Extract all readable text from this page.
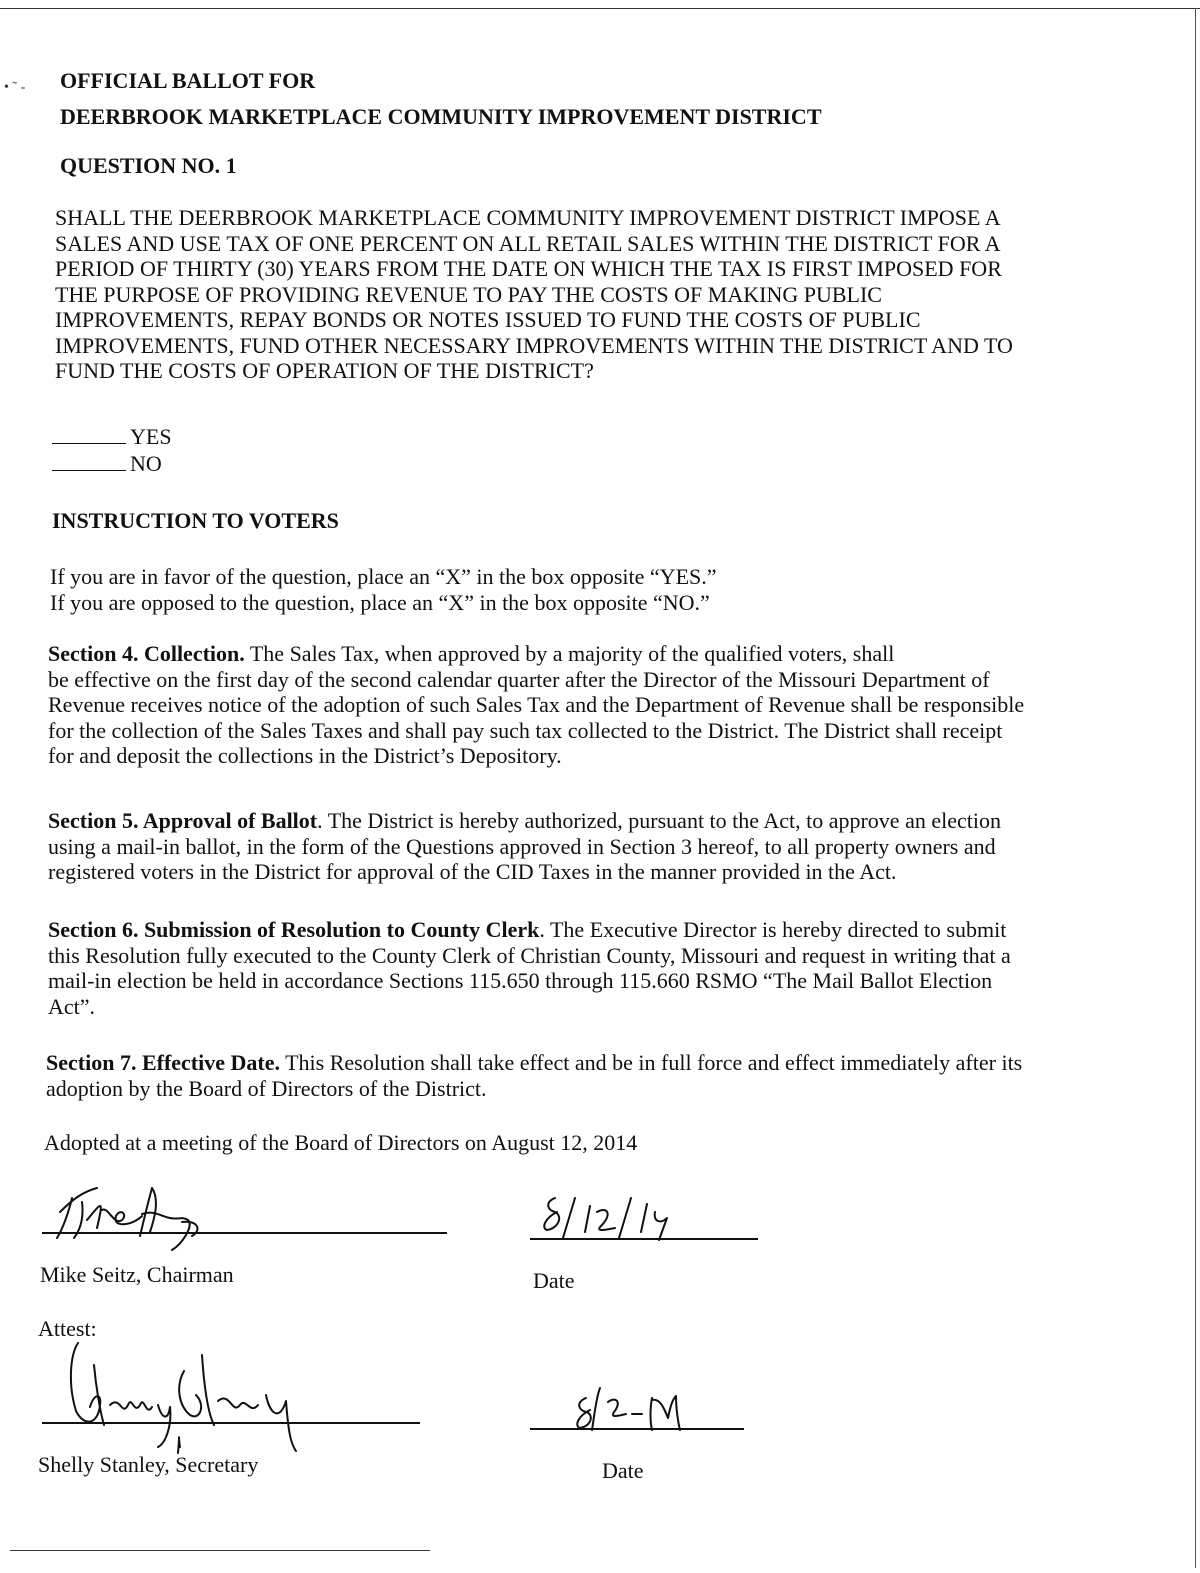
• ˜ - OFFICIAL BALLOT FOR
DEERBROOK MARKETPLACE COMMUNITY IMPROVEMENT DISTRICT
QUESTION NO. 1

SHALL THE DEERBROOK MARKETPLACE COMMUNITY IMPROVEMENT DISTRICT IMPOSE A

SALES AND USE TAX OF ONE PERCENT ON ALL RETAIL SALES WITHIN THE DISTRICT FOR A

PERIOD OF THIRTY (30) YEARS FROM THE DATE ON WHICH THE TAX IS FIRST IMPOSED FOR

THE PURPOSE OF PROVIDING REVENUE TO PAY THE COSTS OF MAKING PUBLIC

IMPROVEMENTS, REPAY BONDS OR NOTES ISSUED TO FUND THE COSTS OF PUBLIC

IMPROVEMENTS, FUND OTHER NECESSARY IMPROVEMENTS WITHIN THE DISTRICT AND TO

FUND THE COSTS OF OPERATION OF THE DISTRICT?

YES
NO
INSTRUCTION TO VOTERS
If you are in favor of the question, place an “X” in the box opposite “YES.”
If you are opposed to the question, place an “X” in the box opposite “NO.”

Section 4. Collection. The Sales Tax, when approved by a majority of the qualified voters, shall

be effective on the first day of the second calendar quarter after the Director of the Missouri Department of

Revenue receives notice of the adoption of such Sales Tax and the Department of Revenue shall be responsible

for the collection of the Sales Taxes and shall pay such tax collected to the District. The District shall receipt

for and deposit the collections in the District’s Depository.

Section 5. Approval of Ballot. The District is hereby authorized, pursuant to the Act, to approve an election

using a mail-in ballot, in the form of the Questions approved in Section 3 hereof, to all property owners and

registered voters in the District for approval of the CID Taxes in the manner provided in the Act.

Section 6. Submission of Resolution to County Clerk. The Executive Director is hereby directed to submit

this Resolution fully executed to the County Clerk of Christian County, Missouri and request in writing that a

mail-in election be held in accordance Sections 115.650 through 115.660 RSMO “The Mail Ballot Election

Act”.

Section 7. Effective Date. This Resolution shall take effect and be in full force and effect immediately after its

adoption by the Board of Directors of the District.

Adopted at a meeting of the Board of Directors on August 12, 2014
Mike Seitz, Chairman	Date
Attest:
Shelly Stanley, Secretary	Date
